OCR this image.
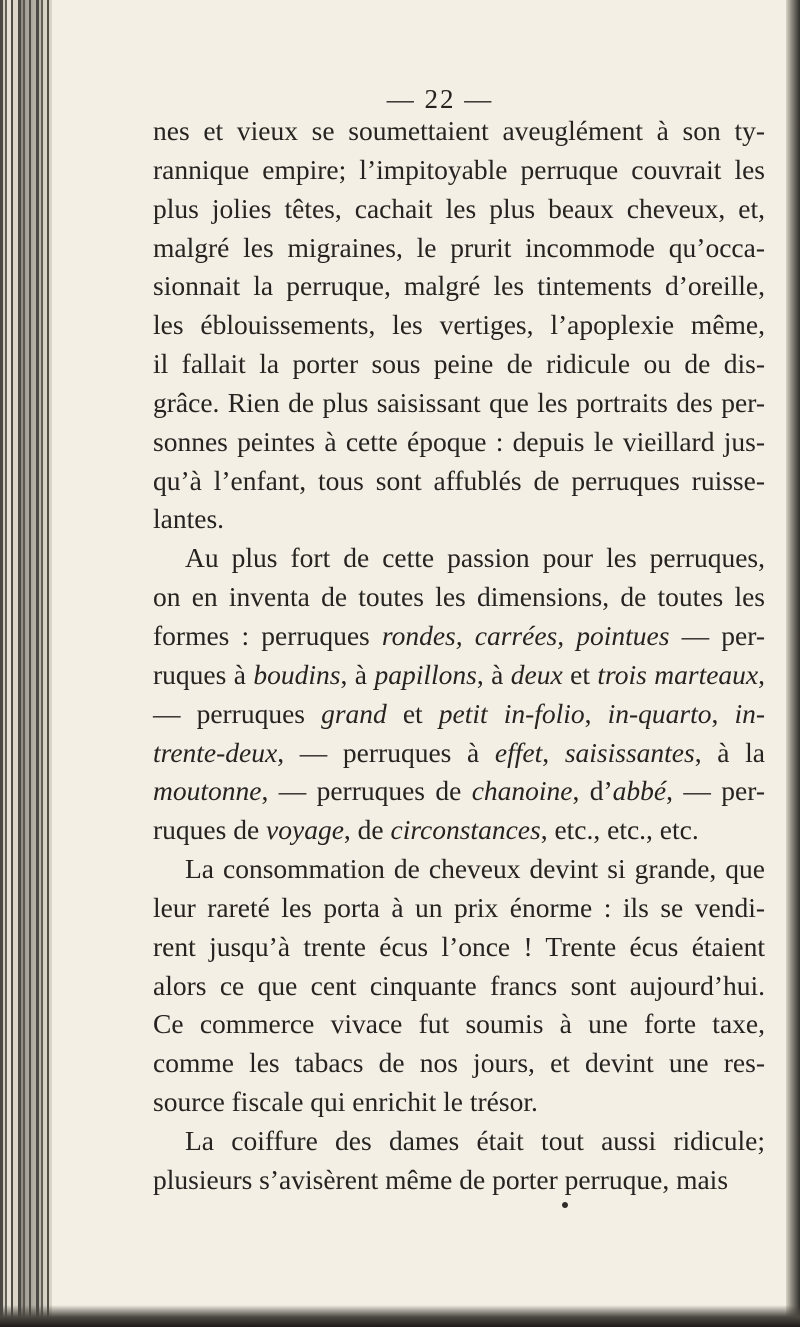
— 22 —
nes et vieux se soumettaient aveuglément à son ty-
rannique empire; l’impitoyable perruque couvrait les
plus jolies têtes, cachait les plus beaux cheveux, et,
malgré les migraines, le prurit incommode qu’occa-
sionnait la perruque, malgré les tintements d’oreille,
les éblouissements, les vertiges, l’apoplexie même,
il fallait la porter sous peine de ridicule ou de dis-
grâce. Rien de plus saisissant que les portraits des per-
sonnes peintes à cette époque : depuis le vieillard jus-
qu’à l’enfant, tous sont affublés de perruques ruisse-
lantes.
Au plus fort de cette passion pour les perruques,
on en inventa de toutes les dimensions, de toutes les
formes : perruques rondes, carrées, pointues — per-
ruques à boudins, à papillons, à deux et trois marteaux,
— perruques grand et petit in-folio, in-quarto, in-
trente-deux, — perruques à effet, saisissantes, à la
moutonne, — perruques de chanoine, d’abbé, — per-
ruques de voyage, de circonstances, etc., etc., etc.
La consommation de cheveux devint si grande, que
leur rareté les porta à un prix énorme : ils se vendi-
rent jusqu’à trente écus l’once ! Trente écus étaient
alors ce que cent cinquante francs sont aujourd’hui.
Ce commerce vivace fut soumis à une forte taxe,
comme les tabacs de nos jours, et devint une res-
source fiscale qui enrichit le trésor.
La coiffure des dames était tout aussi ridicule;
plusieurs s’avisèrent même de porter perruque, mais
